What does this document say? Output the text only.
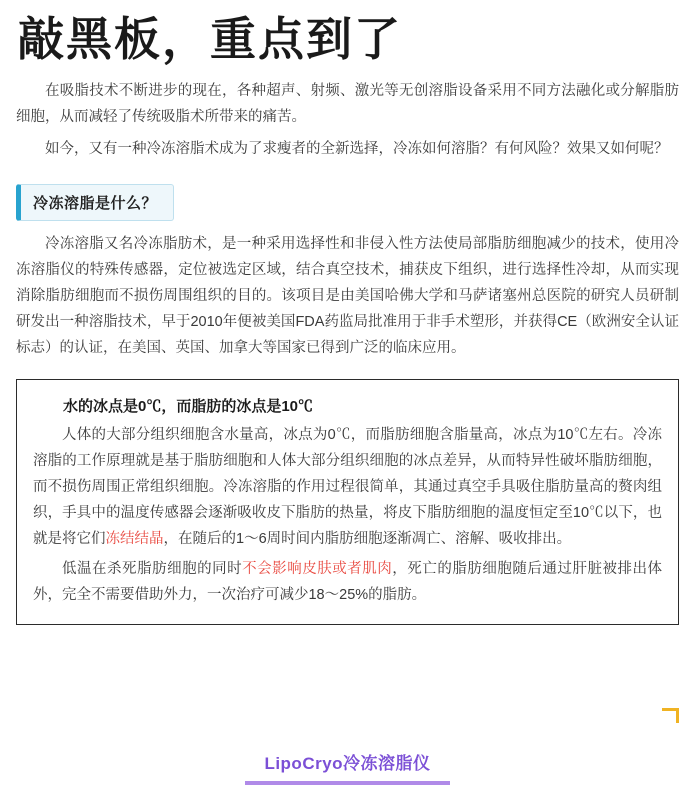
敲黑板，重点到了

在吸脂技术不断进步的现在，各种超声、射频、激光等无创溶脂设备采用不同方法融化或分解脂肪细胞，从而减轻了传统吸脂术所带来的痛苦。

如今，又有一种冷冻溶脂术成为了求瘦者的全新选择，冷冻如何溶脂？有何风险？效果又如何呢？

冷冻溶脂是什么？

冷冻溶脂又名冷冻脂肪术，是一种采用选择性和非侵入性方法使局部脂肪细胞减少的技术，使用冷冻溶脂仪的特殊传感器，定位被选定区域，结合真空技术，捕获皮下组织，进行选择性冷却，从而实现消除脂肪细胞而不损伤周围组织的目的。该项目是由美国哈佛大学和马萨诸塞州总医院的研究人员研制研发出一种溶脂技术，早于2010年便被美国FDA药监局批准用于非手术塑形，并获得CE（欧洲安全认证标志）的认证，在美国、英国、加拿大等国家已得到广泛的临床应用。

水的冰点是0℃，而脂肪的冰点是10℃

人体的大部分组织细胞含水量高，冰点为0℃，而脂肪细胞含脂量高，冰点为10℃左右。冷冻溶脂的工作原理就是基于脂肪细胞和人体大部分组织细胞的冰点差异，从而特异性破坏脂肪细胞，而不损伤周围正常组织细胞。冷冻溶脂的作用过程很简单，其通过真空手具吸住脂肪量高的赘肉组织，手具中的温度传感器会逐渐吸收皮下脂肪的热量，将皮下脂肪细胞的温度恒定至10℃以下，也就是将它们冻结结晶，在随后的1～6周时间内脂肪细胞逐渐凋亡、溶解、吸收排出。

低温在杀死脂肪细胞的同时不会影响皮肤或者肌肉，死亡的脂肪细胞随后通过肝脏被排出体外，完全不需要借助外力，一次治疗可减少18～25%的脂肪。

LipoCryo冷冻溶脂仪
